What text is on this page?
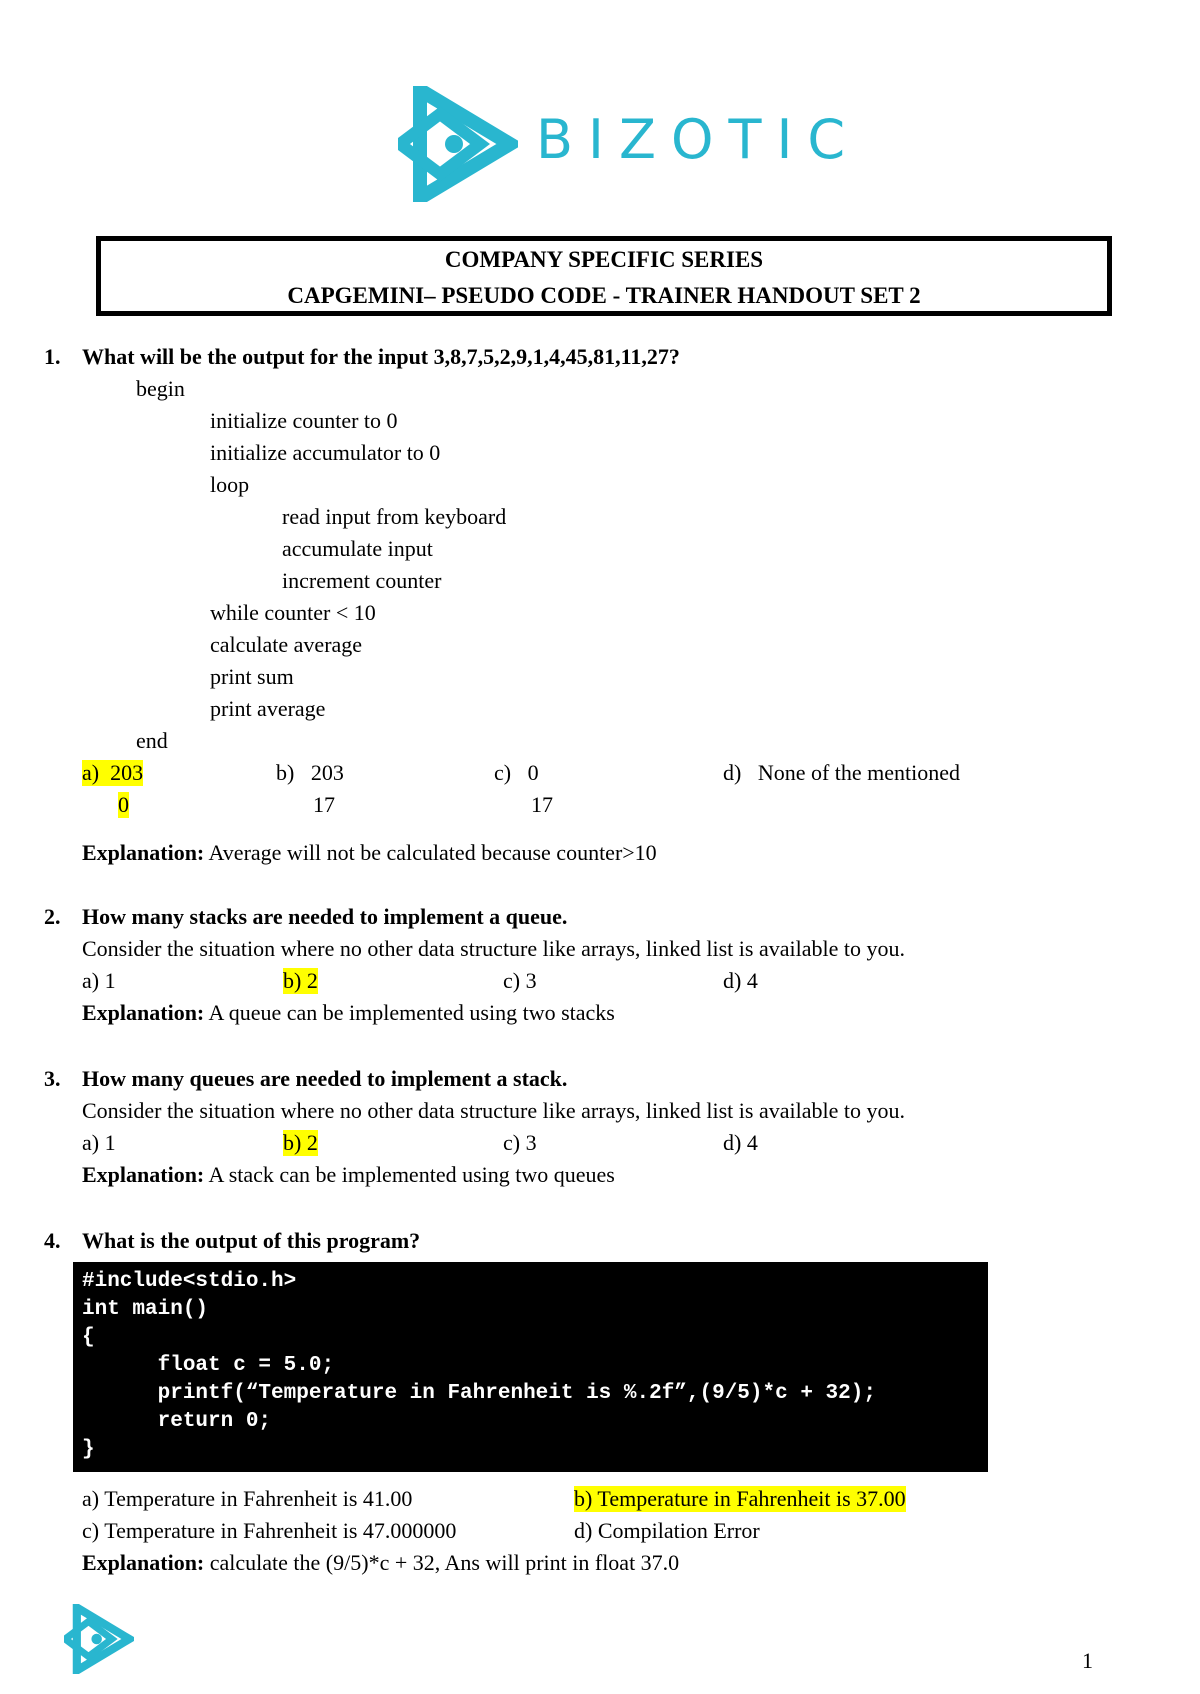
BIZOTIC
COMPANY SPECIFIC SERIES
CAPGEMINI– PSEUDO CODE - TRAINER HANDOUT SET 2
1. What will be the output for the input 3,8,7,5,2,9,1,4,45,81,11,27?
begin
initialize counter to 0
initialize accumulator to 0
loop
read input from keyboard
accumulate input
increment counter
while counter < 10
calculate average
print sum
print average
end
a) 203
0
b) 203
17
c) 0
17
d) None of the mentioned
Explanation: Average will not be calculated because counter>10
2. How many stacks are needed to implement a queue.
Consider the situation where no other data structure like arrays, linked list is available to you.
a) 1	b) 2	c) 3	d) 4
Explanation: A queue can be implemented using two stacks
3. How many queues are needed to implement a stack.
Consider the situation where no other data structure like arrays, linked list is available to you.
a) 1	b) 2	c) 3	d) 4
Explanation: A stack can be implemented using two queues
4. What is the output of this program?
#include<stdio.h>
int main()
{
float c = 5.0;
printf(“Temperature in Fahrenheit is %.2f”,(9/5)*c + 32);
return 0;
}
a) Temperature in Fahrenheit is 41.00	b) Temperature in Fahrenheit is 37.00
c) Temperature in Fahrenheit is 47.000000	d) Compilation Error
Explanation: calculate the (9/5)*c + 32, Ans will print in float 37.0
1
